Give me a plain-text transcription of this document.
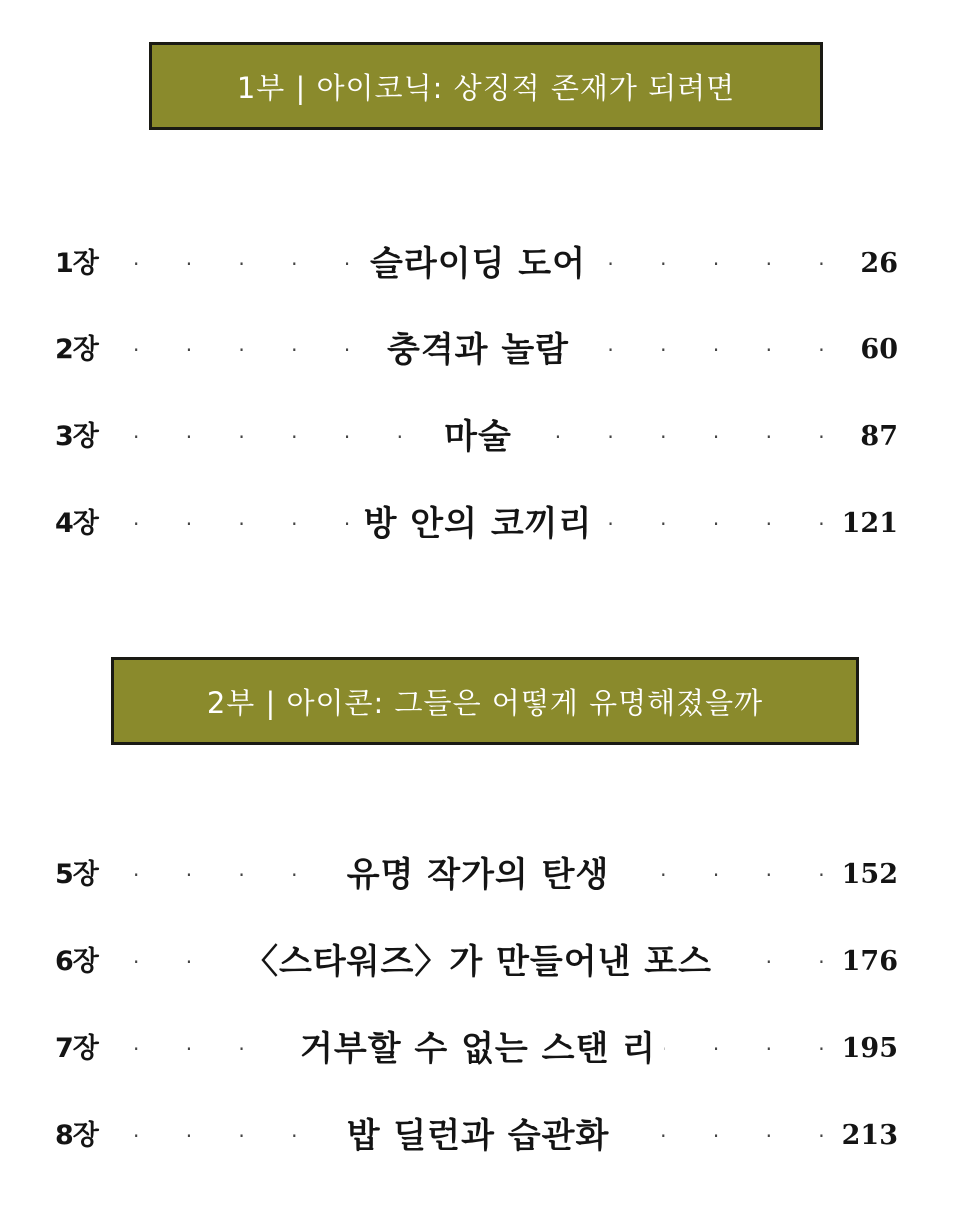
1부 | 아이코닉: 상징적 존재가 되려면
1장 · · ·	슬라이딩 도어	26
2장 · · ·	충격과 놀람	60
3장 · · ·	마술	87
4장 · · ·	방 안의 코끼리	121
2부 | 아이콘: 그들은 어떻게 유명해졌을까
5장 · · ·	유명 작가의 탄생	152
6장 · · ·	〈스타워즈〉가 만들어낸 포스	176
7장 · · ·	거부할 수 없는 스탠 리	195
8장 · · ·	밥 딜런과 습관화	213
